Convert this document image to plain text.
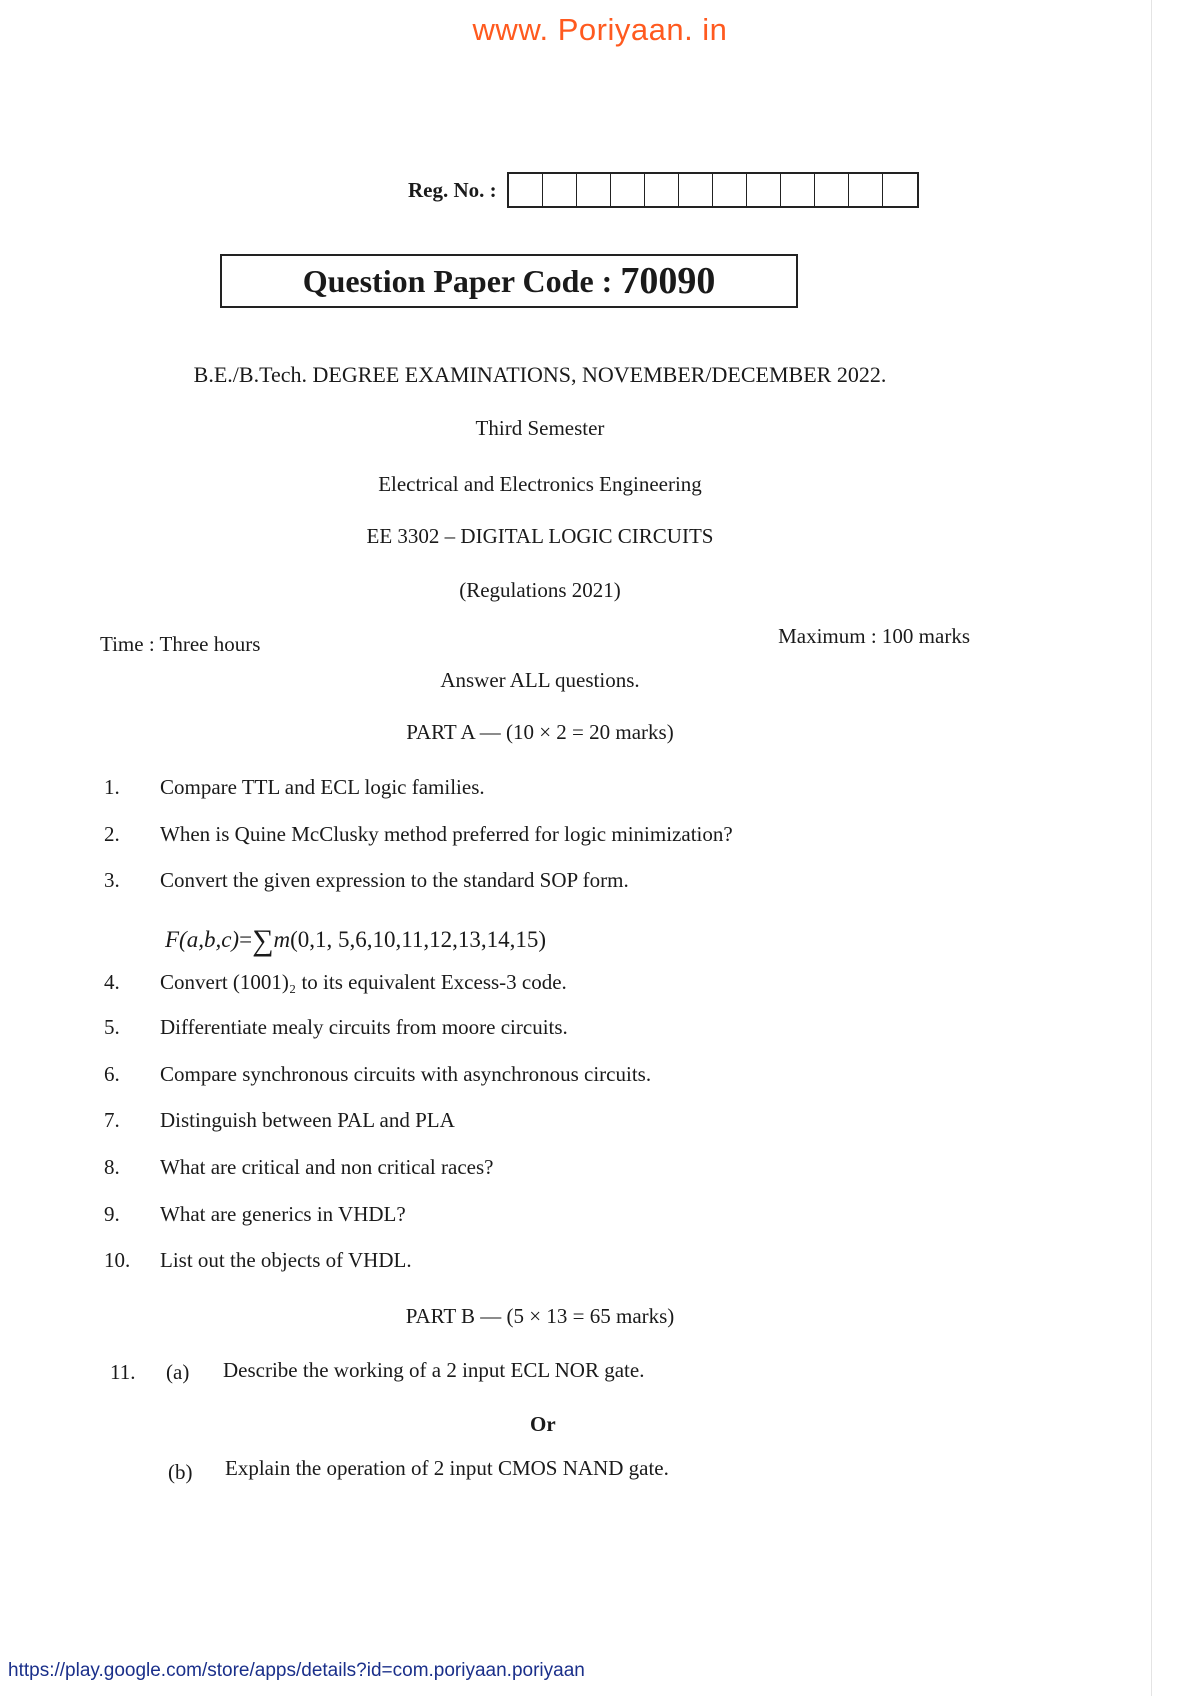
www. Poriyaan. in
Reg. No. :
Question Paper Code : 70090
B.E./B.Tech. DEGREE EXAMINATIONS, NOVEMBER/DECEMBER 2022.
Third Semester
Electrical and Electronics Engineering
EE 3302 – DIGITAL LOGIC CIRCUITS
(Regulations 2021)
Time : Three hours	Maximum : 100 marks
Answer ALL questions.
PART A — (10 × 2 = 20 marks)
1. Compare TTL and ECL logic families.
2. When is Quine McClusky method preferred for logic minimization?
3. Convert the given expression to the standard SOP form.
4. Convert (1001)₂ to its equivalent Excess-3 code.
5. Differentiate mealy circuits from moore circuits.
6. Compare synchronous circuits with asynchronous circuits.
7. Distinguish between PAL and PLA
8. What are critical and non critical races?
9. What are generics in VHDL?
10. List out the objects of VHDL.
F(a,b,c)=∑m(0,1, 5,6,10,11,12,13,14,15)
PART B — (5 × 13 = 65 marks)
11. (a) Describe the working of a 2 input ECL NOR gate.
Or
(b) Explain the operation of 2 input CMOS NAND gate.
https://play.google.com/store/apps/details?id=com.poriyaan.poriyaan
